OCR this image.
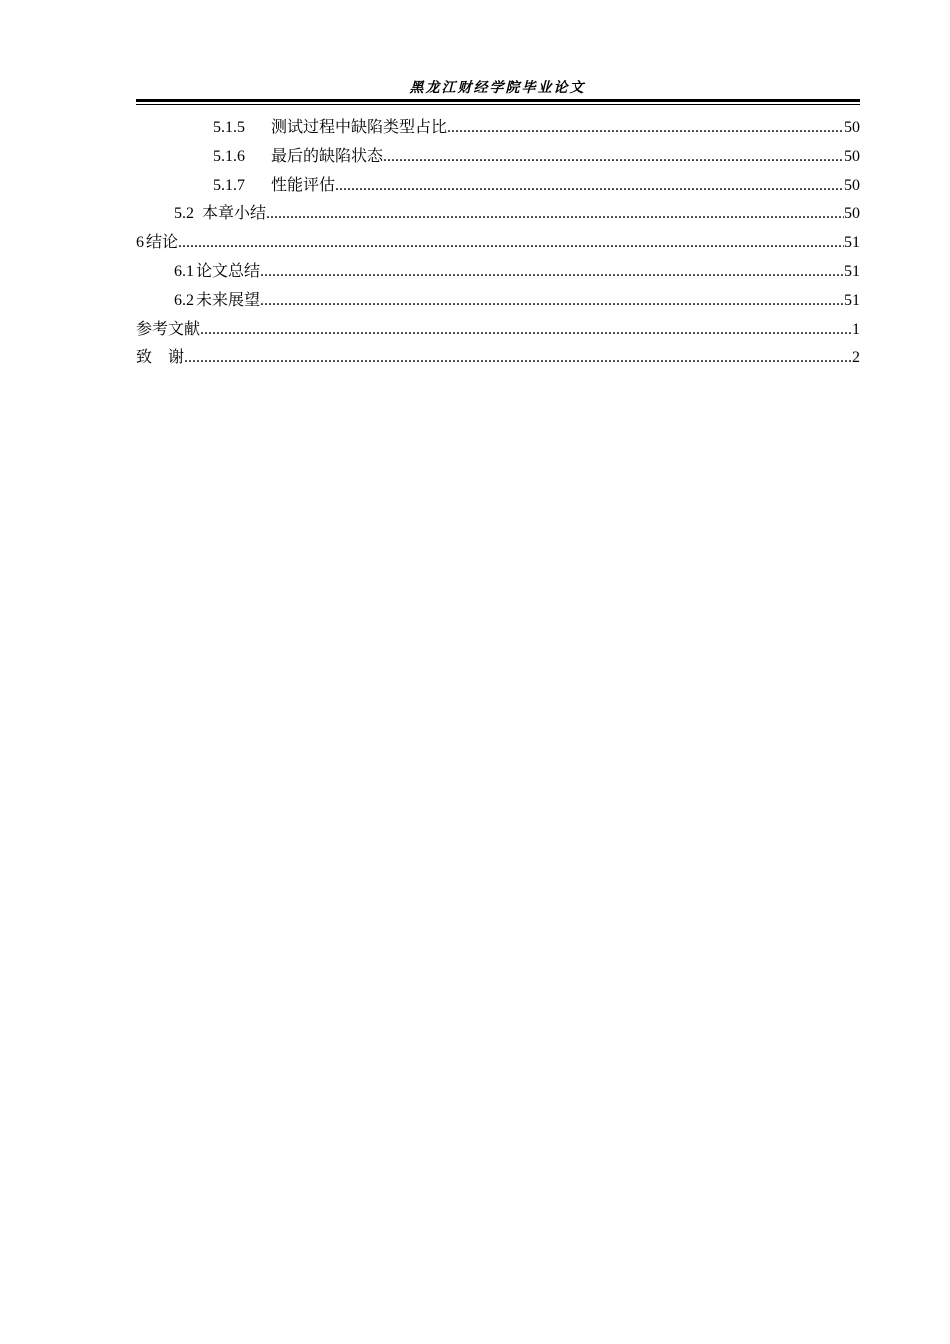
黑龙江财经学院毕业论文
5.1.5	测试过程中缺陷类型占比 .....	50
5.1.6	最后的缺陷状态 .....	50
5.1.7	性能评估 .....	50
5.2 本章小结 .....	50
6 结论 .....	51
6.1 论文总结 .....	51
6.2 未来展望 .....	51
参考文献 .....	1
致　谢 .....	2
